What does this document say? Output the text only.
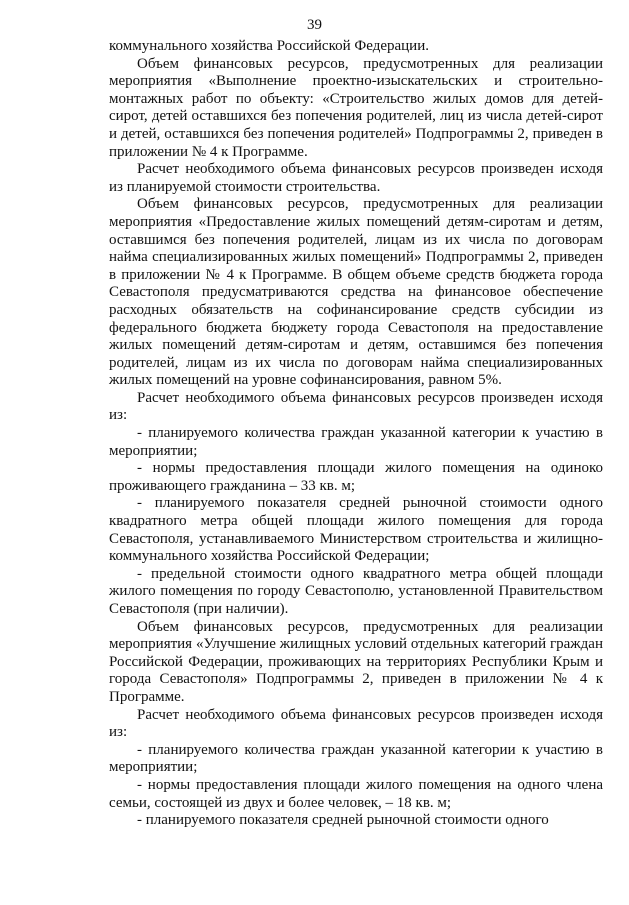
39

коммунального хозяйства Российской Федерации.

Объем финансовых ресурсов, предусмотренных для реализации мероприятия «Выполнение проектно-изыскательских и строительно-монтажных работ по объекту: «Строительство жилых домов для детей-сирот, детей оставшихся без попечения родителей, лиц из числа детей-сирот и детей, оставшихся без попечения родителей» Подпрограммы 2, приведен в приложении № 4 к Программе.

Расчет необходимого объема финансовых ресурсов произведен исходя из планируемой стоимости строительства.

Объем финансовых ресурсов, предусмотренных для реализации мероприятия «Предоставление жилых помещений детям-сиротам и детям, оставшимся без попечения родителей, лицам из их числа по договорам найма специализированных жилых помещений» Подпрограммы 2, приведен в приложении № 4 к Программе. В общем объеме средств бюджета города Севастополя предусматриваются средства на финансовое обеспечение расходных обязательств на софинансирование средств субсидии из федерального бюджета бюджету города Севастополя на предоставление жилых помещений детям-сиротам и детям, оставшимся без попечения родителей, лицам из их числа по договорам найма специализированных жилых помещений на уровне софинансирования, равном 5%.

Расчет необходимого объема финансовых ресурсов произведен исходя из:

- планируемого количества граждан указанной категории к участию в мероприятии;

- нормы предоставления площади жилого помещения на одиноко проживающего гражданина – 33 кв. м;

- планируемого показателя средней рыночной стоимости одного квадратного метра общей площади жилого помещения для города Севастополя, устанавливаемого Министерством строительства и жилищно-коммунального хозяйства Российской Федерации;

- предельной стоимости одного квадратного метра общей площади жилого помещения по городу Севастополю, установленной Правительством Севастополя (при наличии).

Объем финансовых ресурсов, предусмотренных для реализации мероприятия «Улучшение жилищных условий отдельных категорий граждан Российской Федерации, проживающих на территориях Республики Крым и города Севастополя» Подпрограммы 2, приведен в приложении № 4 к Программе.

Расчет необходимого объема финансовых ресурсов произведен исходя из:

- планируемого количества граждан указанной категории к участию в мероприятии;

- нормы предоставления площади жилого помещения на одного члена семьи, состоящей из двух и более человек, – 18 кв. м;

- планируемого показателя средней рыночной стоимости одного
